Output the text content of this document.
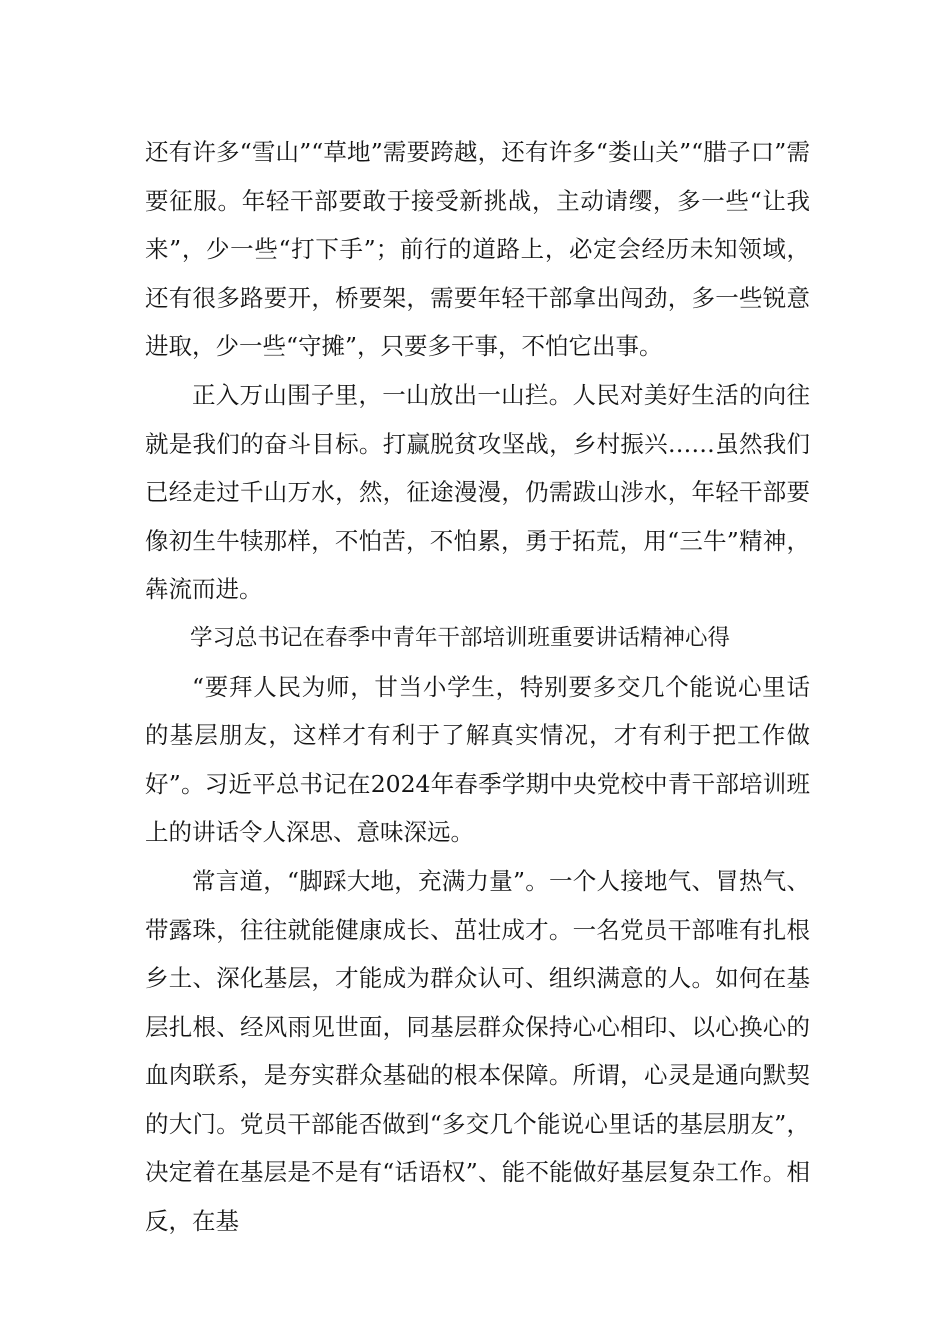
还有许多“雪山”“草地”需要跨越，还有许多“娄山关”“腊子口”需要征服。年轻干部要敢于接受新挑战，主动请缨，多一些“让我来”，少一些“打下手”；前行的道路上，必定会经历未知领域，还有很多路要开，桥要架，需要年轻干部拿出闯劲，多一些锐意进取，少一些“守摊”，只要多干事，不怕它出事。

正入万山围子里，一山放出一山拦。人民对美好生活的向往就是我们的奋斗目标。打赢脱贫攻坚战，乡村振兴……虽然我们已经走过千山万水，然，征途漫漫，仍需跋山涉水，年轻干部要像初生牛犊那样，不怕苦，不怕累，勇于拓荒，用“三牛”精神，犇流而进。

学习总书记在春季中青年干部培训班重要讲话精神心得

“要拜人民为师，甘当小学生，特别要多交几个能说心里话的基层朋友，这样才有利于了解真实情况，才有利于把工作做好”。习近平总书记在2024年春季学期中央党校中青干部培训班上的讲话令人深思、意味深远。

常言道，“脚踩大地，充满力量”。一个人接地气、冒热气、带露珠，往往就能健康成长、茁壮成才。一名党员干部唯有扎根乡土、深化基层，才能成为群众认可、组织满意的人。如何在基层扎根、经风雨见世面，同基层群众保持心心相印、以心换心的血肉联系，是夯实群众基础的根本保障。所谓，心灵是通向默契的大门。党员干部能否做到“多交几个能说心里话的基层朋友”，决定着在基层是不是有“话语权”、能不能做好基层复杂工作。相反，在基
